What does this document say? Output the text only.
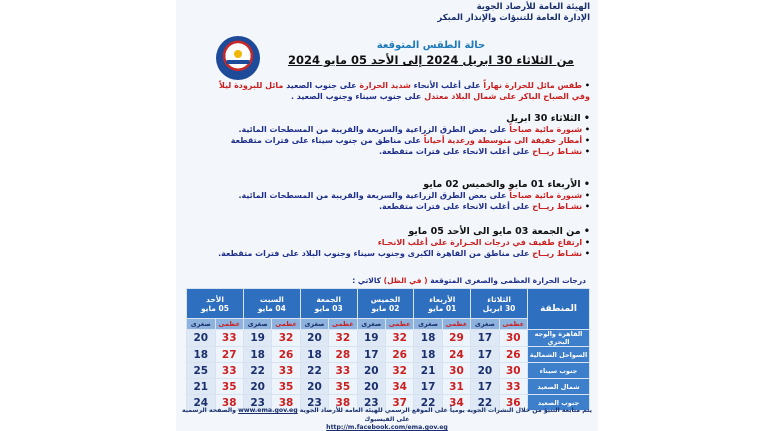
الهيئة العامة للأرصاد الجوية
الإدارة العامة للتنبؤات والإنذار المبكر
حالة الطقس المتوقعة
من الثلاثاء 30 ابريل 2024 إلى الأحد 05 مايو 2024

• طقس مائل للحرارة نهاراً على أغلب الأنحاء شديد الحرارة على جنوب الصعيد مائل للبرودة ليلاً

وفي الصباح الباكر على شمال البلاد معتدل على جنوب سيناء وجنوب الصعيد .

• الثلاثاء 30 ابريل

• شبورة مائية صباحاً على بعض الطرق الزراعية والسريعة والقريبة من المسطحات المائية.

• أمطار خفيفة الى متوسطة ورعدية أحياناً على مناطق من جنوب سيناء على فترات متقطعة

• نشـاط ريــاح على أغلب الانحاء على فترات متقطعة.

• الأربعاء 01 مايو والخميس 02 مايو

• شبورة مائية صباحاً على بعض الطرق الزراعية والسريعة والقريبة من المسطحات المائية.

• نشـاط ريــاح على أغلب الانحاء على فترات متقطعة.

• من الجمعة 03 مايو الى الأحد 05 مايو

• ارتفاع طفيف في درجات الحـرارة على أغلب الانحـاء

• نشـاط ريــاح على مناطق من القاهرة الكبرى وجنوب سيناء وجنوب البلاد على فترات متقطعة.

درجات الحرارة العظمى والصغرى المتوقعة ( في الظل) كالاتي :
المنطقة	الثلاثاء
30 ابريل		الأربعاء
01 مايو		الخميس
02 مايو		الجمعة
03 مايو		السبت
04 مايو		الأحد
05 مايو	
	عظمى	صغرى	عظمى	صغرى	عظمى	صغرى	عظمى	صغرى	عظمى	صغرى	عظمى	صغرى
القاهرة والوجه البحري	30	17	29	18	32	19	32	20	32	19	33	20
السواحل الشمالية	26	17	24	18	26	17	28	18	26	18	27	18
جنوب سيناء	30	20	30	21	32	20	33	22	33	22	33	25
شمال الصعيد	33	17	31	17	34	20	35	20	35	20	35	21
جنوب الصعيد	36	22	34	22	37	23	38	23	38	23	38	24
يتم متابعة التنبؤ من خلال النشرات الجوية يومياً على الموقع الرسمي للهيئة العامة للأرصاد الجوية www.ema.gov.eg والصفحة الرسمية على الفيسبوك
http://m.facebook.com/ema.gov.eg
